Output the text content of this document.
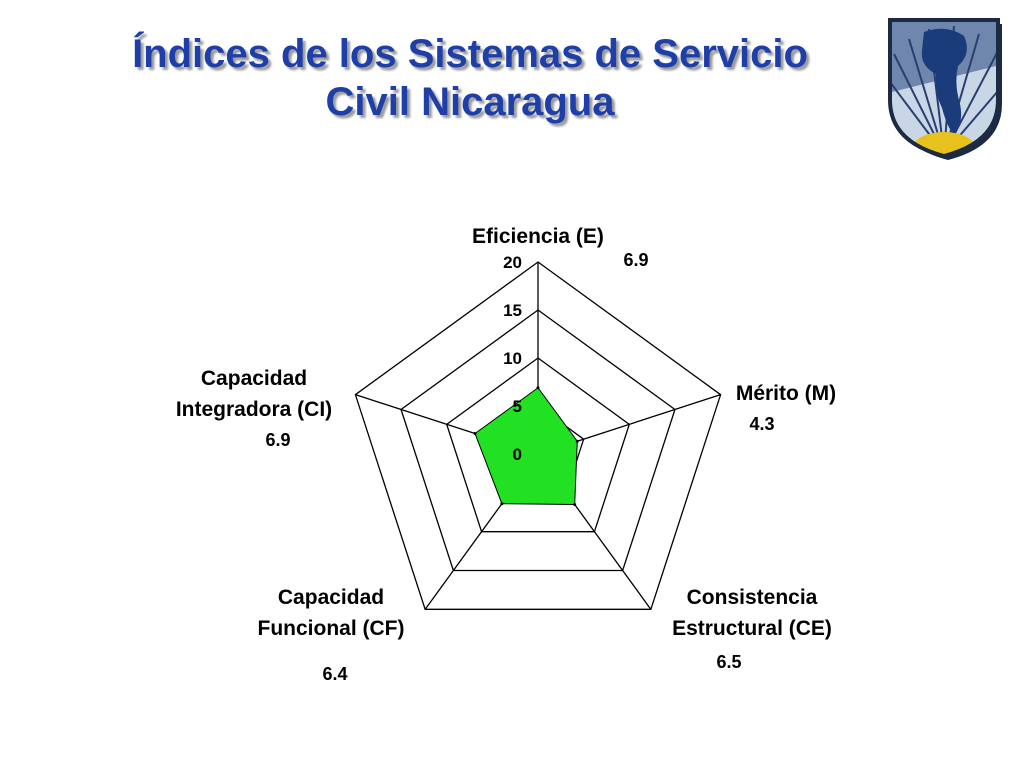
Índices de los Sistemas de Servicio
Civil Nicaragua
0
5
10
15
20
Eficiencia (E)
6.9
Mérito (M)
4.3
Consistencia Estructural (CE)
6.5
Capacidad Funcional (CF)
6.4
Capacidad Integradora (CI)
6.9
